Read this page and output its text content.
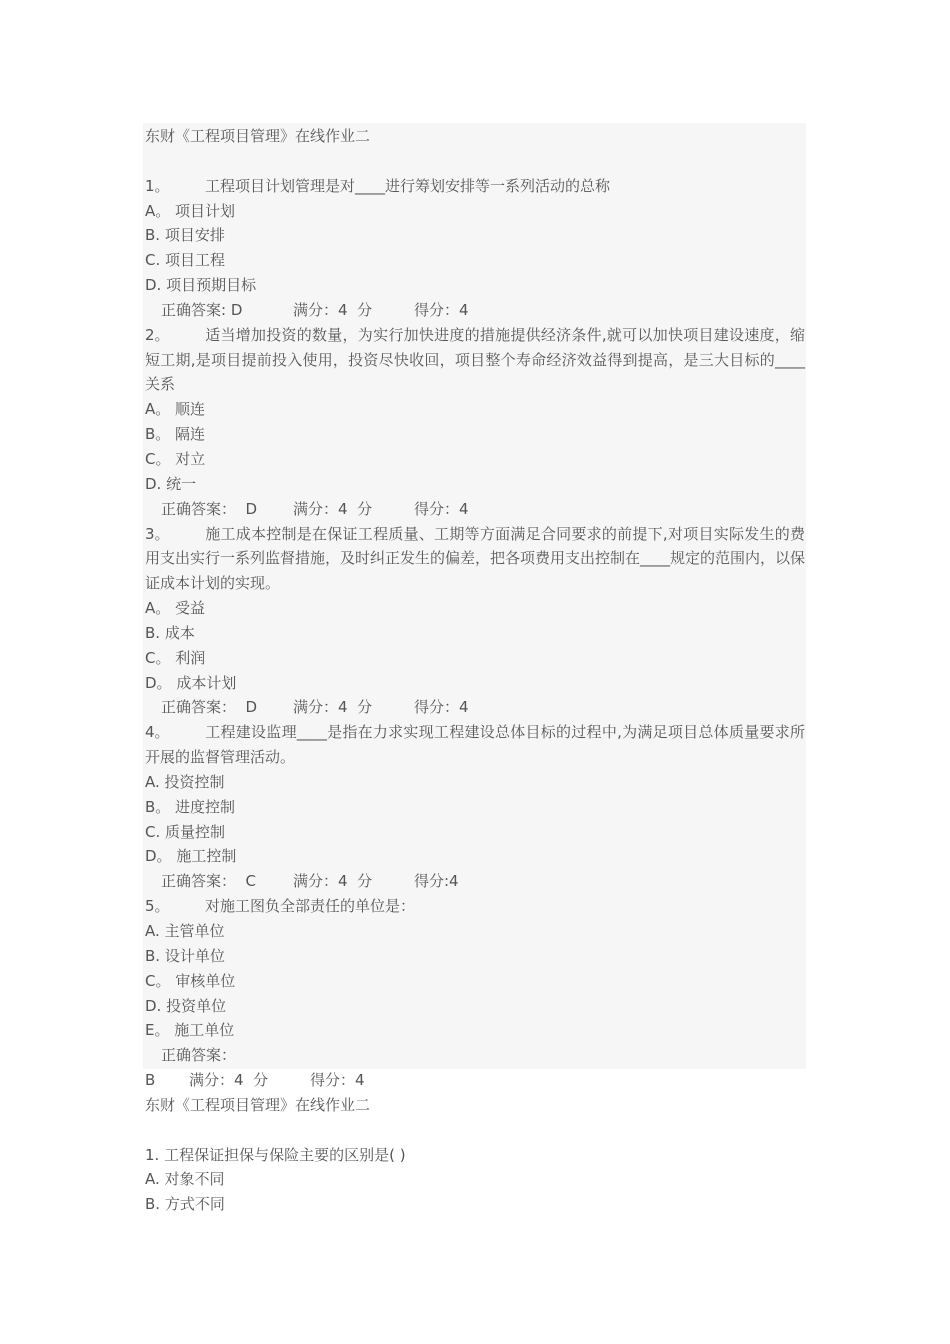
东财《工程项目管理》在线作业二
1。 工程项目计划管理是对____进行筹划安排等一系列活动的总称
A。 项目计划
B. 项目安排
C. 项目工程
D. 项目预期目标
正确答案: D	满分：4  分	得分：4
2。 适当增加投资的数量，为实行加快进度的措施提供经济条件,就可以加快项目建设速度，缩短工期,是项目提前投入使用，投资尽快收回，项目整个寿命经济效益得到提高，是三大目标的____关系
A。 顺连
B。 隔连
C。 对立
D. 统一
正确答案：  D 满分：4  分	得分：4
3。 施工成本控制是在保证工程质量、工期等方面满足合同要求的前提下,对项目实际发生的费用支出实行一系列监督措施，及时纠正发生的偏差，把各项费用支出控制在____规定的范围内，以保证成本计划的实现。
A。 受益
B. 成本
C。 利润
D。 成本计划
正确答案：  D 满分：4  分	得分：4
4。 工程建设监理____是指在力求实现工程建设总体目标的过程中,为满足项目总体质量要求所开展的监督管理活动。
A. 投资控制
B。 进度控制
C. 质量控制
D。 施工控制
正确答案：  C 满分：4  分	得分:4
5。 对施工图负全部责任的单位是：
A. 主管单位
B. 设计单位
C。 审核单位
D. 投资单位
E。 施工单位
正确答案：
B 满分：4  分	得分：4
东财《工程项目管理》在线作业二
1. 工程保证担保与保险主要的区别是( )
A. 对象不同
B. 方式不同
